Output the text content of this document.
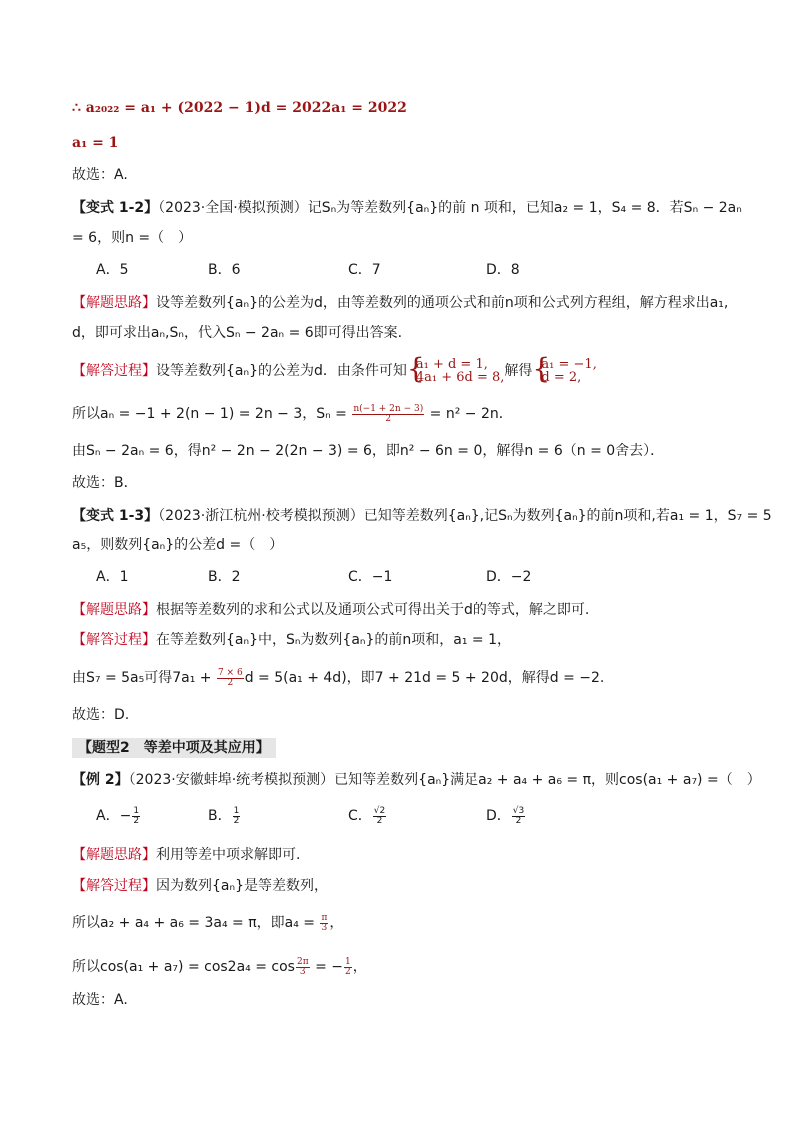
∴ a₂₀₂₂ = a₁ + (2022 − 1)d = 2022a₁ = 2022
a₁ = 1
故选：A.
【变式 1-2】（2023·全国·模拟预测）记Sₙ为等差数列{aₙ}的前 n 项和，已知a₂ = 1，S₄ = 8．若Sₙ − 2aₙ
= 6，则n =（　）
A．5	B．6	C．7	D．8
【解题思路】设等差数列{aₙ}的公差为d，由等差数列的通项公式和前n项和公式列方程组，解方程求出a₁,
d，即可求出aₙ,Sₙ，代入Sₙ − 2aₙ = 6即可得出答案.
【解答过程】设等差数列{aₙ}的公差为d．由条件可知 {
a₁ + d = 1,
4a₁ + 6d = 8, 解得 {
a₁ = −1,
d = 2,
所以aₙ = −1 + 2(n − 1) = 2n − 3，$S_n = \frac{n(-1 + 2n - 3)}{2} = n^2 - 2n$．
由Sₙ − 2aₙ = 6，得n² − 2n − 2(2n − 3) = 6，即n² − 6n = 0，解得n = 6（n = 0舍去）．
故选：B．
【变式 1-3】（2023·浙江杭州·校考模拟预测）已知等差数列{aₙ},记Sₙ为数列{aₙ}的前n项和,若a₁ = 1，S₇ = 5
a₅，则数列{aₙ}的公差d =（　）
A．1	B．2	C．−1	D．−2
【解题思路】根据等差数列的求和公式以及通项公式可得出关于d的等式，解之即可.
【解答过程】在等差数列{aₙ}中，Sₙ为数列{aₙ}的前n项和，a₁ = 1，
由S₇ = 5a₅可得$7a_1 + \frac{7 \times 6}{2}$ d = 5(a₁ + 4d)，即7 + 21d = 5 + 20d，解得d = −2.
故选：D.
【题型2　等差中项及其应用】
【例 2】（2023·安徽蚌埠·统考模拟预测）已知等差数列{aₙ}满足a₂ + a₄ + a₆ = π，则cos(a₁ + a₇) =（　）
A．− $\frac{1}{2}$	B． $\frac{1}{2}$	C． $\frac{√2}{2}$	D． $\frac{√3}{2}$
【解题思路】利用等差中项求解即可.
【解答过程】因为数列{aₙ}是等差数列，
所以a₂ + a₄ + a₆ = 3a₄ = π，即$a_4 = \frac{\pi}{3}$ ，
所以$\cos(a_1 + a_7) = \cos 2a_4 = \cos \frac{2\pi}{3}$ = − $\frac{1}{2}$ ，
故选：A.
